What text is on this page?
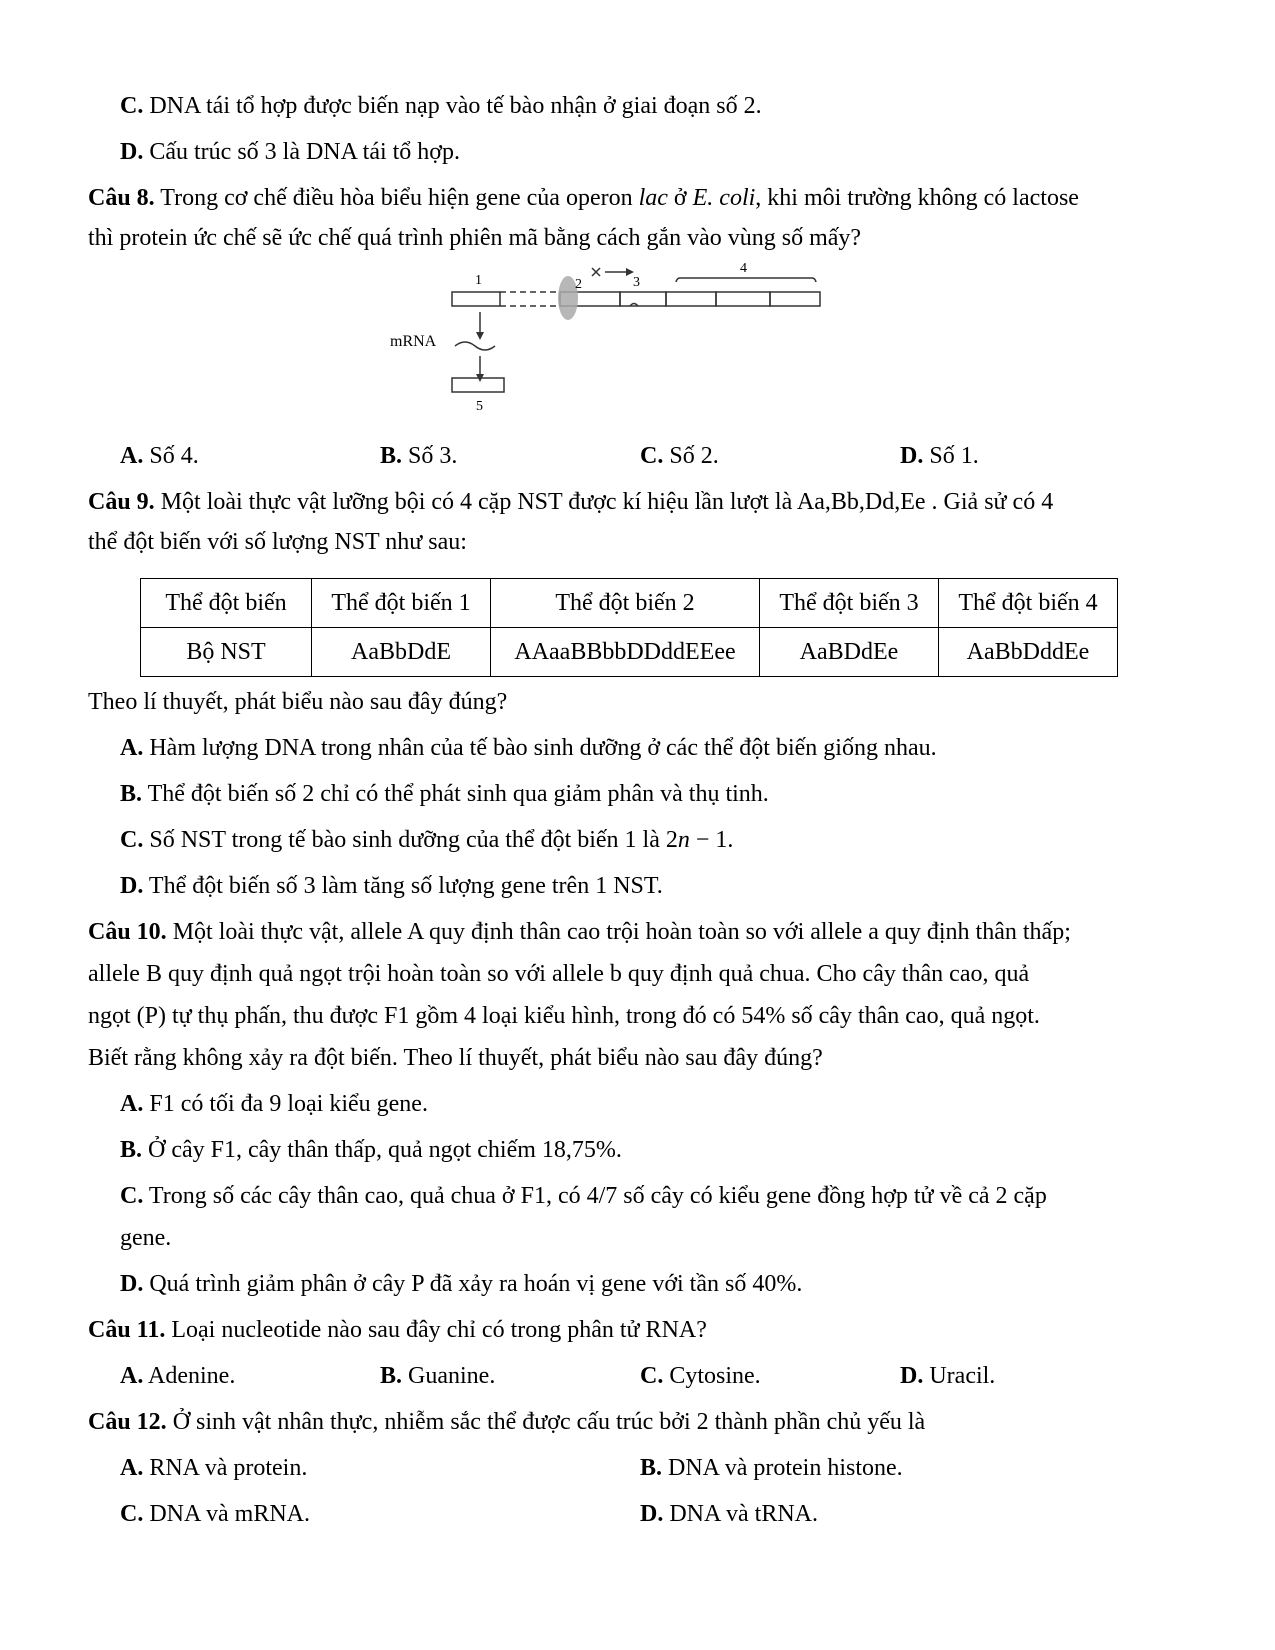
C. DNA tái tổ hợp được biến nạp vào tế bào nhận ở giai đoạn số 2.
D. Cấu trúc số 3 là DNA tái tổ hợp.
Câu 8. Trong cơ chế điều hòa biểu hiện gene của operon lac ở E. coli, khi môi trường không có lactose
thì protein ức chế sẽ ức chế quá trình phiên mã bằng cách gắn vào vùng số mấy?
1	2	3
4
5
mRNA
A. Số 4.	B. Số 3.	C. Số 2.	D. Số 1.
Câu 9. Một loài thực vật lưỡng bội có 4 cặp NST được kí hiệu lần lượt là Aa,Bb,Dd,Ee . Giả sử có 4
thể đột biến với số lượng NST như sau:
Thể đột biến	Thể đột biến 1	Thể đột biến 2	Thể đột biến 3	Thể đột biến 4
Bộ NST	AaBbDdE	AAaaBBbbDDddEEee	AaBDdEe	AaBbDddEe
Theo lí thuyết, phát biểu nào sau đây đúng?
A. Hàm lượng DNA trong nhân của tế bào sinh dưỡng ở các thể đột biến giống nhau.
B. Thể đột biến số 2 chỉ có thể phát sinh qua giảm phân và thụ tinh.
C. Số NST trong tế bào sinh dưỡng của thể đột biến 1 là 2n − 1.
D. Thể đột biến số 3 làm tăng số lượng gene trên 1 NST.
Câu 10. Một loài thực vật, allele A quy định thân cao trội hoàn toàn so với allele a quy định thân thấp;
allele B quy định quả ngọt trội hoàn toàn so với allele b quy định quả chua. Cho cây thân cao, quả
ngọt (P) tự thụ phấn, thu được F1 gồm 4 loại kiểu hình, trong đó có 54% số cây thân cao, quả ngọt.
Biết rằng không xảy ra đột biến. Theo lí thuyết, phát biểu nào sau đây đúng?
A. F1 có tối đa 9 loại kiểu gene.
B. Ở cây F1, cây thân thấp, quả ngọt chiếm 18,75%.
C. Trong số các cây thân cao, quả chua ở F1, có 4/7 số cây có kiểu gene đồng hợp tử về cả 2 cặp
gene.
D. Quá trình giảm phân ở cây P đã xảy ra hoán vị gene với tần số 40%.
Câu 11. Loại nucleotide nào sau đây chỉ có trong phân tử RNA?
A. Adenine.	B. Guanine.	C. Cytosine.	D. Uracil.
Câu 12. Ở sinh vật nhân thực, nhiễm sắc thể được cấu trúc bởi 2 thành phần chủ yếu là
A. RNA và protein.	B. DNA và protein histone.
C. DNA và mRNA.	D. DNA và tRNA.
